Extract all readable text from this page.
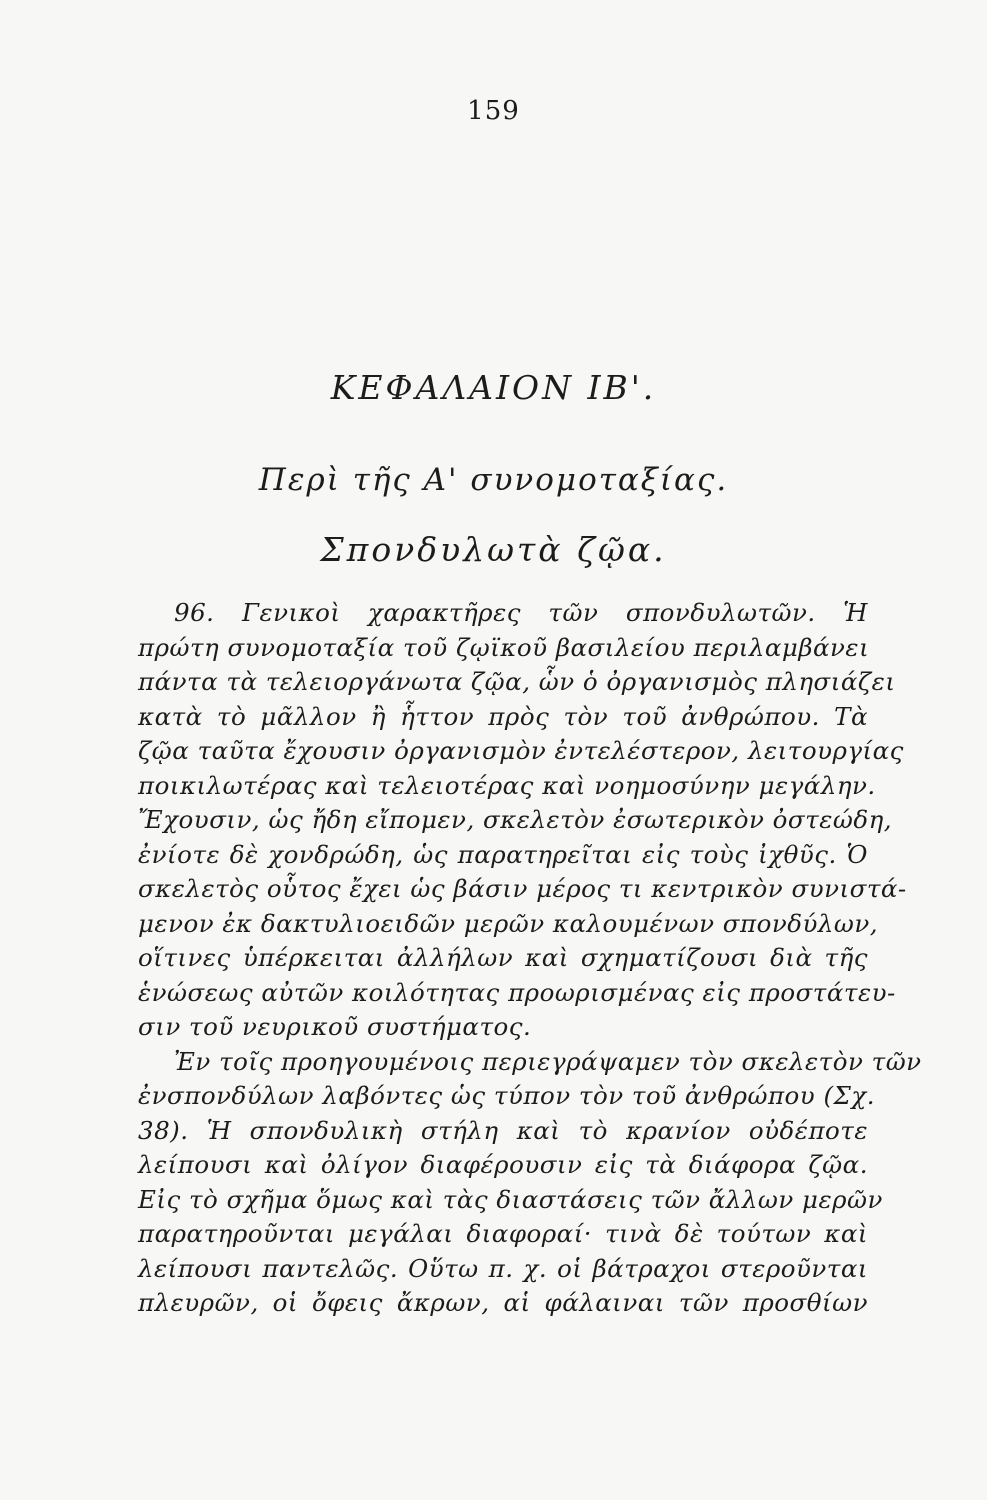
159
ΚΕΦΑΛΑΙΟΝ ΙΒ'.
Περὶ τῆς Α' συνομοταξίας.
Σπονδυλωτὰ ζῷα.
96. Γενικοὶ χαρακτῆρες τῶν σπονδυλωτῶν. Ἡ
πρώτη συνομοταξία τοῦ ζῳϊκοῦ βασιλείου περιλαμβάνει
πάντα τὰ τελειοργάνωτα ζῷα, ὧν ὁ ὀργανισμὸς πλησιάζει
κατὰ τὸ μᾶλλον ἢ ἧττον πρὸς τὸν τοῦ ἀνθρώπου. Τὰ
ζῷα ταῦτα ἔχουσιν ὀργανισμὸν ἐντελέστερον, λειτουργίας
ποικιλωτέρας καὶ τελειοτέρας καὶ νοημοσύνην μεγάλην.
Ἔχουσιν, ὡς ἤδη εἴπομεν, σκελετὸν ἐσωτερικὸν ὀστεώδη,
ἐνίοτε δὲ χονδρώδη, ὡς παρατηρεῖται εἰς τοὺς ἰχθῦς. Ὁ
σκελετὸς οὗτος ἔχει ὡς βάσιν μέρος τι κεντρικὸν συνιστά-
μενον ἐκ δακτυλιοειδῶν μερῶν καλουμένων σπονδύλων,
οἵτινες ὑπέρκειται ἀλλήλων καὶ σχηματίζουσι διὰ τῆς
ἑνώσεως αὐτῶν κοιλότητας προωρισμένας εἰς προστάτευ-
σιν τοῦ νευρικοῦ συστήματος.
Ἐν τοῖς προηγουμένοις περιεγράψαμεν τὸν σκελετὸν τῶν
ἐνσπονδύλων λαβόντες ὡς τύπον τὸν τοῦ ἀνθρώπου (Σχ.
38). Ἡ σπονδυλικὴ στήλη καὶ τὸ κρανίον οὐδέποτε
λείπουσι καὶ ὀλίγον διαφέρουσιν εἰς τὰ διάφορα ζῷα.
Εἰς τὸ σχῆμα ὅμως καὶ τὰς διαστάσεις τῶν ἄλλων μερῶν
παρατηροῦνται μεγάλαι διαφοραί· τινὰ δὲ τούτων καὶ
λείπουσι παντελῶς. Οὕτω π. χ. οἱ βάτραχοι στεροῦνται
πλευρῶν, οἱ ὄφεις ἄκρων, αἱ φάλαιναι τῶν προσθίων
